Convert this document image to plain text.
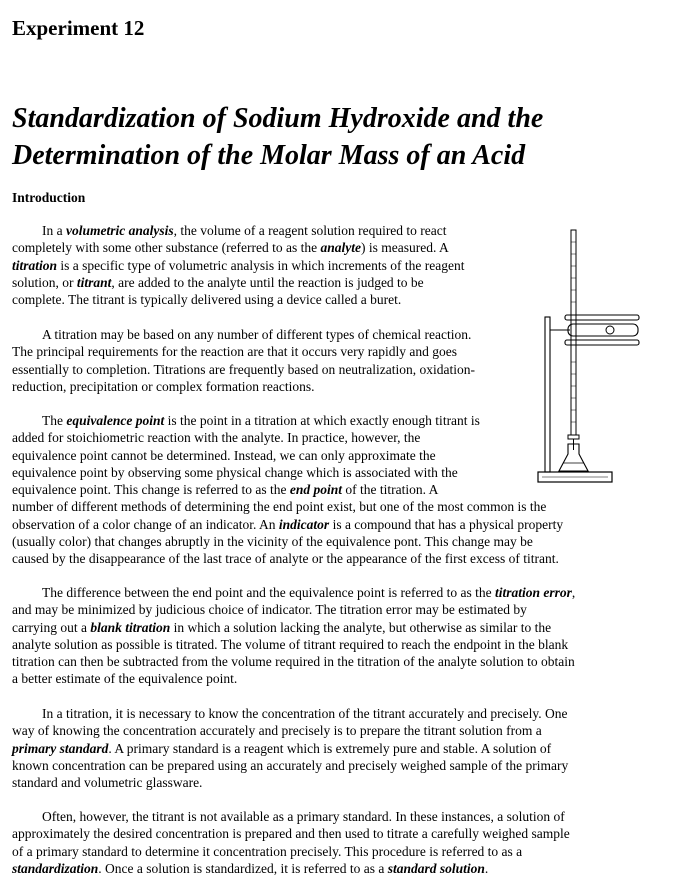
Experiment 12
Standardization of Sodium Hydroxide and the
Determination of the Molar Mass of an Acid
Introduction

In a volumetric analysis, the volume of a reagent solution required to react
completely with some other substance (referred to as the analyte) is measured. A
titration is a specific type of volumetric analysis in which increments of the reagent
solution, or titrant, are added to the analyte until the reaction is judged to be
complete. The titrant is typically delivered using a device called a buret.

A titration may be based on any number of different types of chemical reaction.
The principal requirements for the reaction are that it occurs very rapidly and goes
essentially to completion. Titrations are frequently based on neutralization, oxidation-
reduction, precipitation or complex formation reactions.

The equivalence point is the point in a titration at which exactly enough titrant is
added for stoichiometric reaction with the analyte. In practice, however, the
equivalence point cannot be determined. Instead, we can only approximate the
equivalence point by observing some physical change which is associated with the
equivalence point. This change is referred to as the end point of the titration. A
number of different methods of determining the end point exist, but one of the most common is the
observation of a color change of an indicator. An indicator is a compound that has a physical property
(usually color) that changes abruptly in the vicinity of the equivalence pont. This change may be
caused by the disappearance of the last trace of analyte or the appearance of the first excess of titrant.

The difference between the end point and the equivalence point is referred to as the titration error,
and may be minimized by judicious choice of indicator. The titration error may be estimated by
carrying out a blank titration in which a solution lacking the analyte, but otherwise as similar to the
analyte solution as possible is titrated. The volume of titrant required to reach the endpoint in the blank
titration can then be subtracted from the volume required in the titration of the analyte solution to obtain
a better estimate of the equivalence point.

In a titration, it is necessary to know the concentration of the titrant accurately and precisely. One
way of knowing the concentration accurately and precisely is to prepare the titrant solution from a
primary standard. A primary standard is a reagent which is extremely pure and stable. A solution of
known concentration can be prepared using an accurately and precisely weighed sample of the primary
standard and volumetric glassware.

Often, however, the titrant is not available as a primary standard. In these instances, a solution of
approximately the desired concentration is prepared and then used to titrate a carefully weighed sample
of a primary standard to determine it concentration precisely. This procedure is referred to as a
standardization. Once a solution is standardized, it is referred to as a standard solution.
